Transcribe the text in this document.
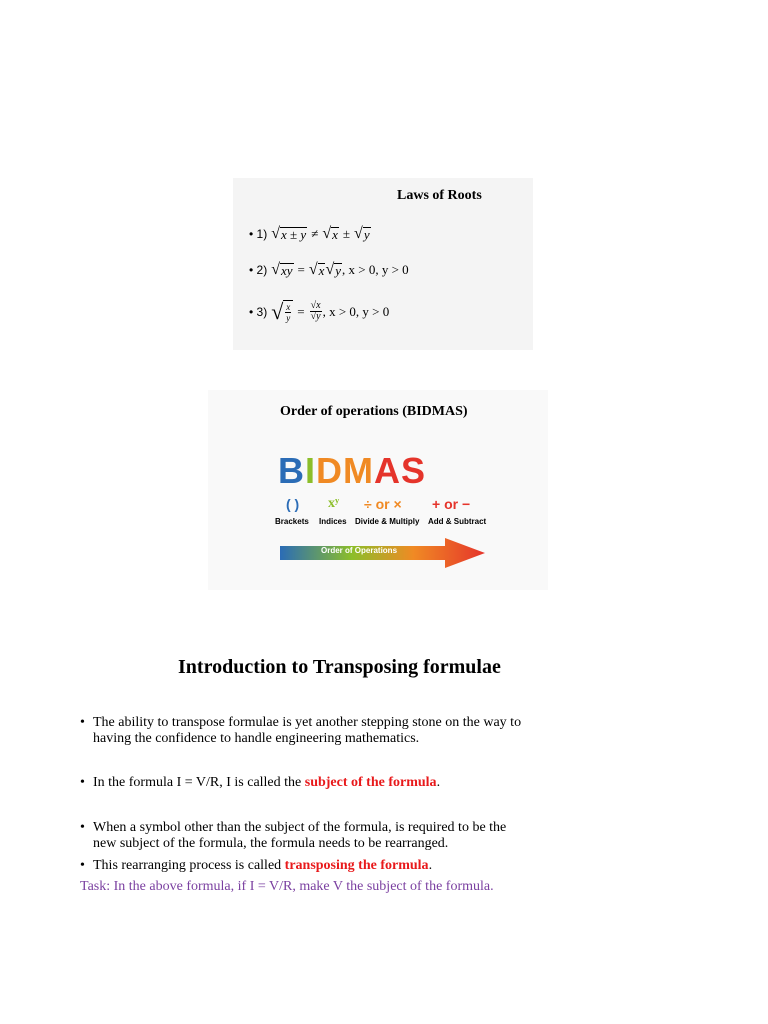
Laws of Roots
• 1) √ x ± y ≠ √ x ± √ y
• 2) √ xy = √ x √ y , x > 0, y > 0
• 3) √ $\frac{x}{y} = \frac{√x}{√y}$ , x > 0, y > 0
Order of operations (BIDMAS)
BIDMAS
( ) xʸ ÷ or × + or −
Brackets Indices Divide & Multiply Add & Subtract
Order of Operations
Introduction to Transposing formulae
• The ability to transpose formulae is yet another stepping stone on the way to
having the confidence to handle engineering mathematics.
• In the formula I = V/R, I is called the subject of the formula.
• When a symbol other than the subject of the formula, is required to be the
new subject of the formula, the formula needs to be rearranged.
• This rearranging process is called transposing the formula.
Task: In the above formula, if I = V/R, make V the subject of the formula.
